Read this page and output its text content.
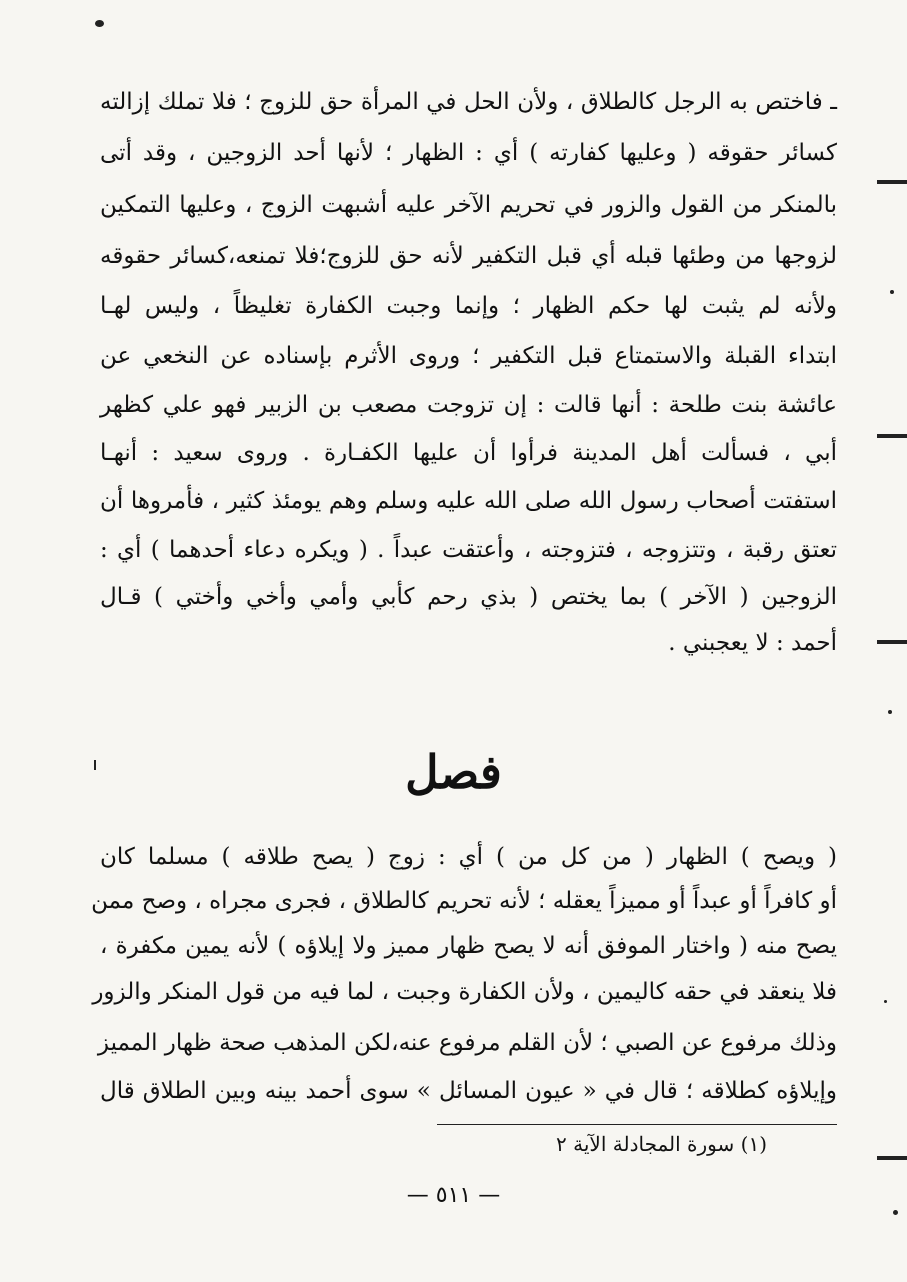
ـ فاختص به الرجل كالطلاق ، ولأن الحل في المرأة حق للزوج ؛ فلا تملك إزالته
كسائر حقوقه ( وعليها كفارته ) أي : الظهار ؛ لأنها أحد الزوجين ، وقد أتى
بالمنكر من القول والزور في تحريم الآخر عليه أشبهت الزوج ، وعليها التمكين
لزوجها من وطئها قبله أي قبل التكفير لأنه حق للزوج؛فلا تمنعه،كسائر حقوقه
ولأنه لم يثبت لها حكم الظهار ؛ وإنما وجبت الكفارة تغليظاً ، وليس لهـا
ابتداء القبلة والاستمتاع قبل التكفير ؛ وروى الأثرم بإسناده عن النخعي عن
عائشة بنت طلحة : أنها قالت : إن تزوجت مصعب بن الزبير فهو علي كظهر
أبي ، فسألت أهل المدينة فرأوا أن عليها الكفـارة . وروى سعيد : أنهـا
استفتت أصحاب رسول الله صلى الله عليه وسلم وهم يومئذ كثير ، فأمروها أن
تعتق رقبة ، وتتزوجه ، فتزوجته ، وأعتقت عبداً . ( ويكره دعاء أحدهما ) أي :
الزوجين ( الآخر ) بما يختص ( بذي رحم كأبي وأمي وأخي وأختي ) قـال
أحمد : لا يعجبني .
فصل
( ويصح ) الظهار ( من كل من ) أي : زوج ( يصح طلاقه ) مسلما كان
أو كافراً أو عبداً أو مميزاً يعقله ؛ لأنه تحريم كالطلاق ، فجرى مجراه ، وصح ممن
يصح منه ( واختار الموفق أنه لا يصح ظهار مميز ولا إيلاؤه ) لأنه يمين مكفرة ،
فلا ينعقد في حقه كاليمين ، ولأن الكفارة وجبت ، لما فيه من قول المنكر والزور
وذلك مرفوع عن الصبي ؛ لأن القلم مرفوع عنه،لكن المذهب صحة ظهار المميز
وإيلاؤه كطلاقه ؛ قال في « عيون المسائل » سوى أحمد بينه وبين الطلاق قال
(١) سورة المجادلة الآية ٢
— ٥١١ —
